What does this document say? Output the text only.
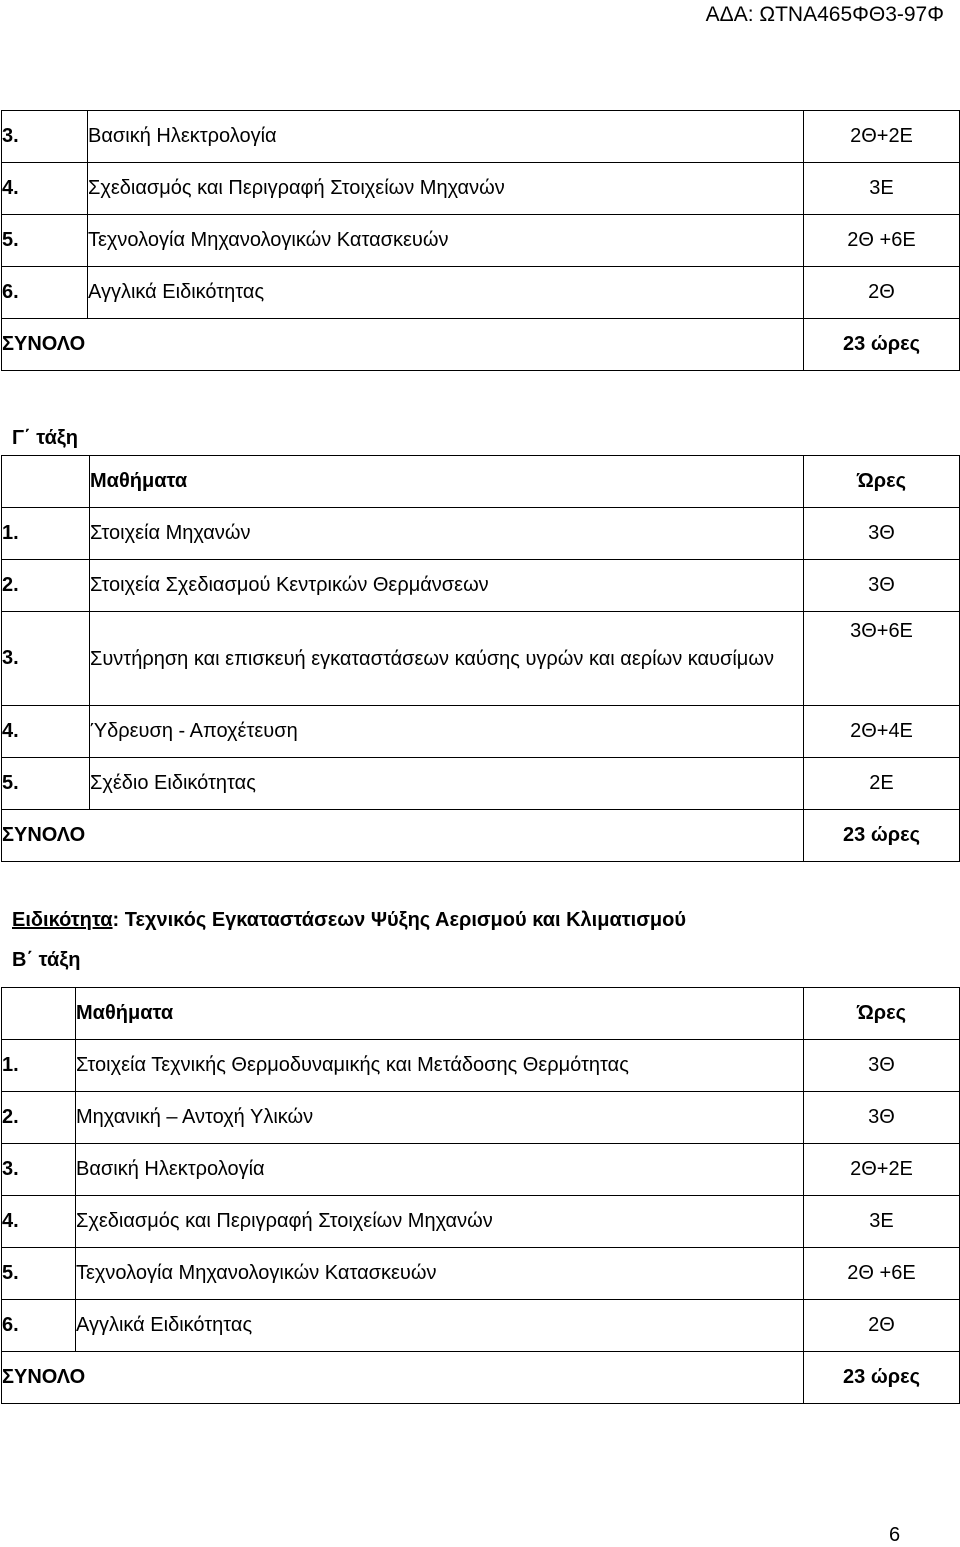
ΑΔΑ: ΩΤΝΑ465ΦΘ3-97Φ
3.	Βασική Ηλεκτρολογία	2Θ+2Ε
4.	Σχεδιασμός και Περιγραφή Στοιχείων Μηχανών	3Ε
5.	Τεχνολογία Μηχανολογικών Κατασκευών	2Θ +6Ε
6.	Αγγλικά Ειδικότητας	2Θ
ΣΥΝΟΛΟ		23 ώρες
Γ΄ τάξη
	Μαθήματα	Ώρες
1.	Στοιχεία Μηχανών	3Θ
2.	Στοιχεία Σχεδιασμού Κεντρικών Θερμάνσεων	3Θ
3.	Συντήρηση και επισκευή εγκαταστάσεων καύσης υγρών και αερίων καυσίμων	3Θ+6Ε
4.	Ύδρευση - Αποχέτευση	2Θ+4Ε
5.	Σχέδιο Ειδικότητας	2Ε
ΣΥΝΟΛΟ		23 ώρες
Ειδικότητα: Τεχνικός Εγκαταστάσεων Ψύξης Αερισμού και Κλιματισμού
Β΄ τάξη
	Μαθήματα	Ώρες
1.	Στοιχεία Τεχνικής Θερμοδυναμικής και Μετάδοσης Θερμότητας	3Θ
2.	Μηχανική – Αντοχή Υλικών	3Θ
3.	Βασική Ηλεκτρολογία	2Θ+2Ε
4.	Σχεδιασμός και Περιγραφή Στοιχείων Μηχανών	3Ε
5.	Τεχνολογία Μηχανολογικών Κατασκευών	2Θ +6Ε
6.	Αγγλικά Ειδικότητας	2Θ
ΣΥΝΟΛΟ		23 ώρες
6
